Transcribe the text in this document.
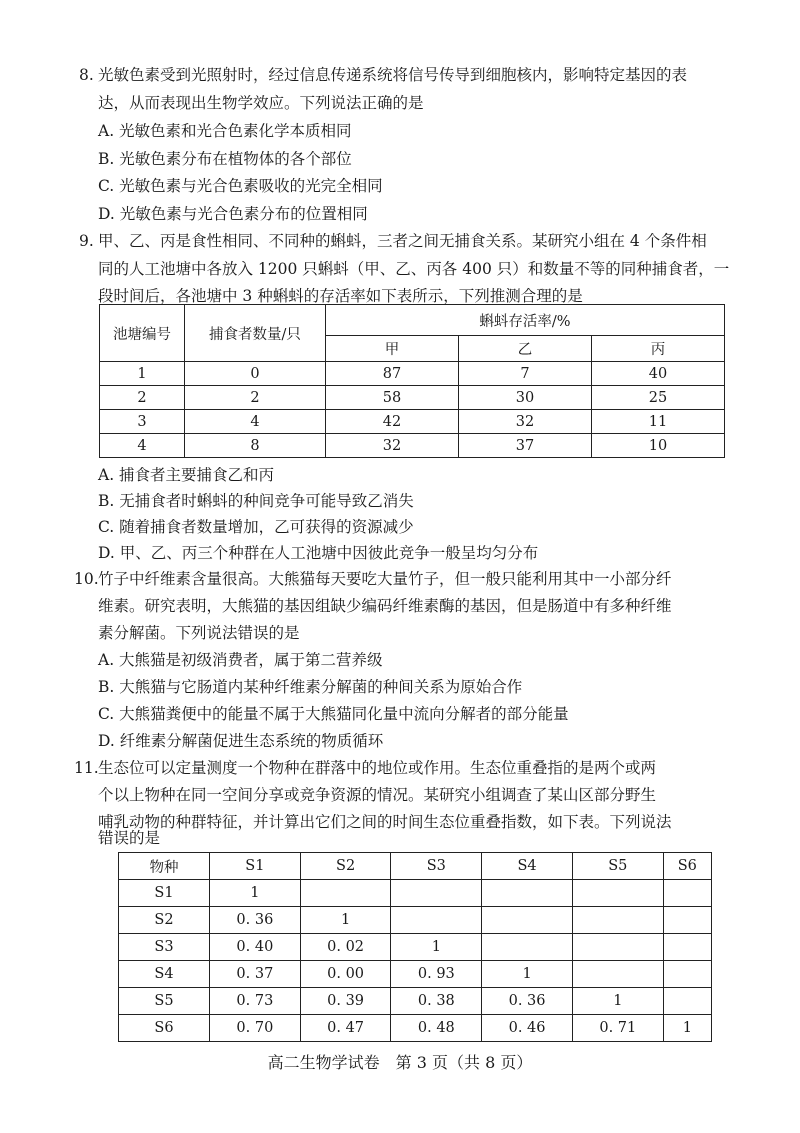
8. 光敏色素受到光照射时，经过信息传递系统将信号传导到细胞核内，影响特定基因的表
达，从而表现出生物学效应。下列说法正确的是
A. 光敏色素和光合色素化学本质相同
B. 光敏色素分布在植物体的各个部位
C. 光敏色素与光合色素吸收的光完全相同
D. 光敏色素与光合色素分布的位置相同
9. 甲、乙、丙是食性相同、不同种的蝌蚪，三者之间无捕食关系。某研究小组在 4 个条件相
同的人工池塘中各放入 1200 只蝌蚪（甲、乙、丙各 400 只）和数量不等的同种捕食者，一
段时间后，各池塘中 3 种蝌蚪的存活率如下表所示，下列推测合理的是
池塘编号	捕食者数量/只	蝌蚪存活率/%		
		甲	乙	丙
1	0	87	7	40
2	2	58	30	25
3	4	42	32	11
4	8	32	37	10
A. 捕食者主要捕食乙和丙
B. 无捕食者时蝌蚪的种间竞争可能导致乙消失
C. 随着捕食者数量增加，乙可获得的资源减少
D. 甲、乙、丙三个种群在人工池塘中因彼此竞争一般呈均匀分布
10. 竹子中纤维素含量很高。大熊猫每天要吃大量竹子，但一般只能利用其中一小部分纤
维素。研究表明，大熊猫的基因组缺少编码纤维素酶的基因，但是肠道中有多种纤维
素分解菌。下列说法错误的是
A. 大熊猫是初级消费者，属于第二营养级
B. 大熊猫与它肠道内某种纤维素分解菌的种间关系为原始合作
C. 大熊猫粪便中的能量不属于大熊猫同化量中流向分解者的部分能量
D. 纤维素分解菌促进生态系统的物质循环
11. 生态位可以定量测度一个物种在群落中的地位或作用。生态位重叠指的是两个或两
个以上物种在同一空间分享或竞争资源的情况。某研究小组调查了某山区部分野生
哺乳动物的种群特征，并计算出它们之间的时间生态位重叠指数，如下表。下列说法
错误的是
物种	S1	S2	S3	S4	S5	S6
S1	1					
S2	0. 36	1				
S3	0. 40	0. 02	1			
S4	0. 37	0. 00	0. 93	1		
S5	0. 73	0. 39	0. 38	0. 36	1	
S6	0. 70	0. 47	0. 48	0. 46	0. 71	1
高二生物学试卷　第 3 页（共 8 页）
